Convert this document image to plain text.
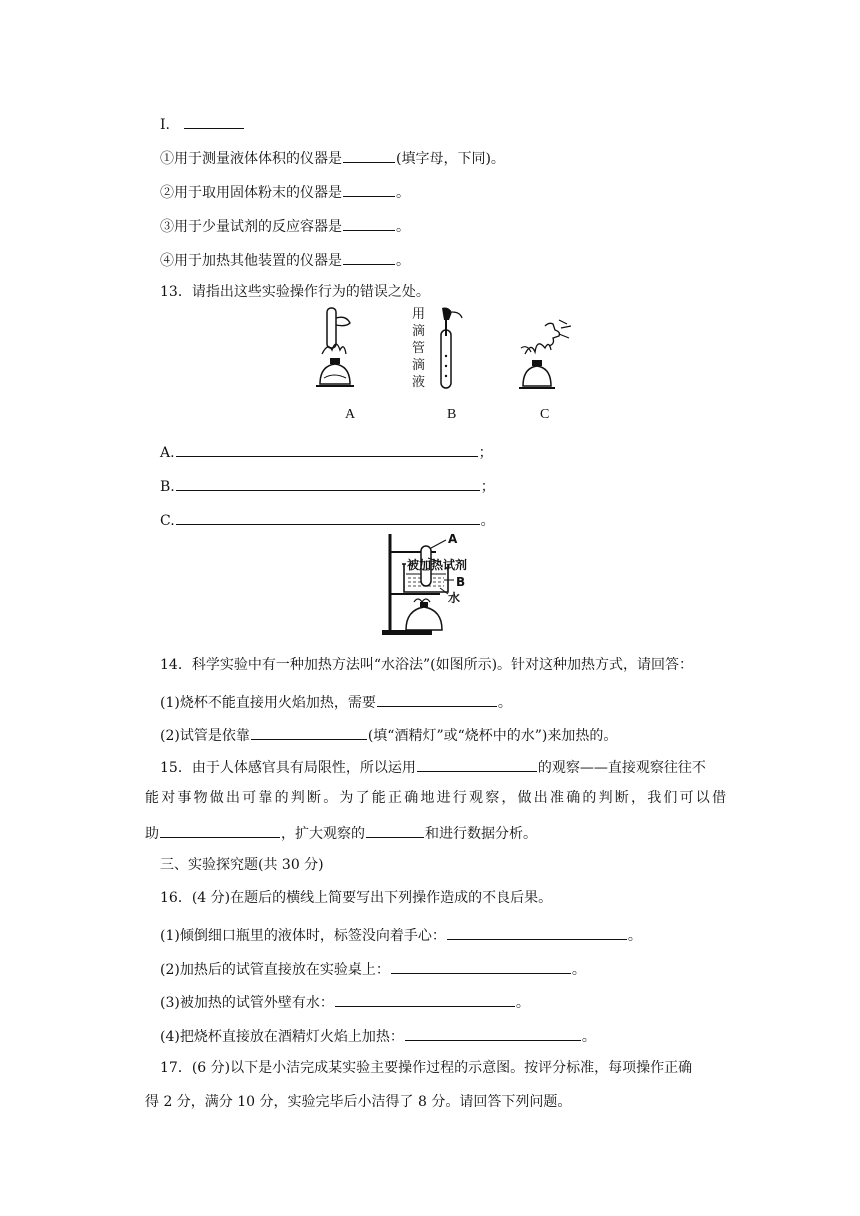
I.
①用于测量液体体积的仪器是	(填字母，下同)。
②用于取用固体粉末的仪器是	。
③用于少量试剂的反应容器是	。
④用于加热其他装置的仪器是	。
13．请指出这些实验操作行为的错误之处。
用
滴
管
滴
液
A	B	C
A.	；
B.	；
C.	。
A
被加热试剂
B
水
14．科学实验中有一种加热方法叫“水浴法”(如图所示)。针对这种加热方式，请回答：
(1)烧杯不能直接用火焰加热，需要	。
(2)试管是依靠	(填“酒精灯”或“烧杯中的水”)来加热的。
15．由于人体感官具有局限性，所以运用	的观察——直接观察往往不
能对事物做出可靠的判断。为了能正确地进行观察，做出准确的判断，我们可以借
助	，扩大观察的	和进行数据分析。
三、实验探究题(共 30 分)
16．(4 分)在题后的横线上简要写出下列操作造成的不良后果。
(1)倾倒细口瓶里的液体时，标签没向着手心：	。
(2)加热后的试管直接放在实验桌上：	。
(3)被加热的试管外壁有水：	。
(4)把烧杯直接放在酒精灯火焰上加热：	。
17．(6 分)以下是小洁完成某实验主要操作过程的示意图。按评分标准，每项操作正确
得 2 分，满分 10 分，实验完毕后小洁得了 8 分。请回答下列问题。
